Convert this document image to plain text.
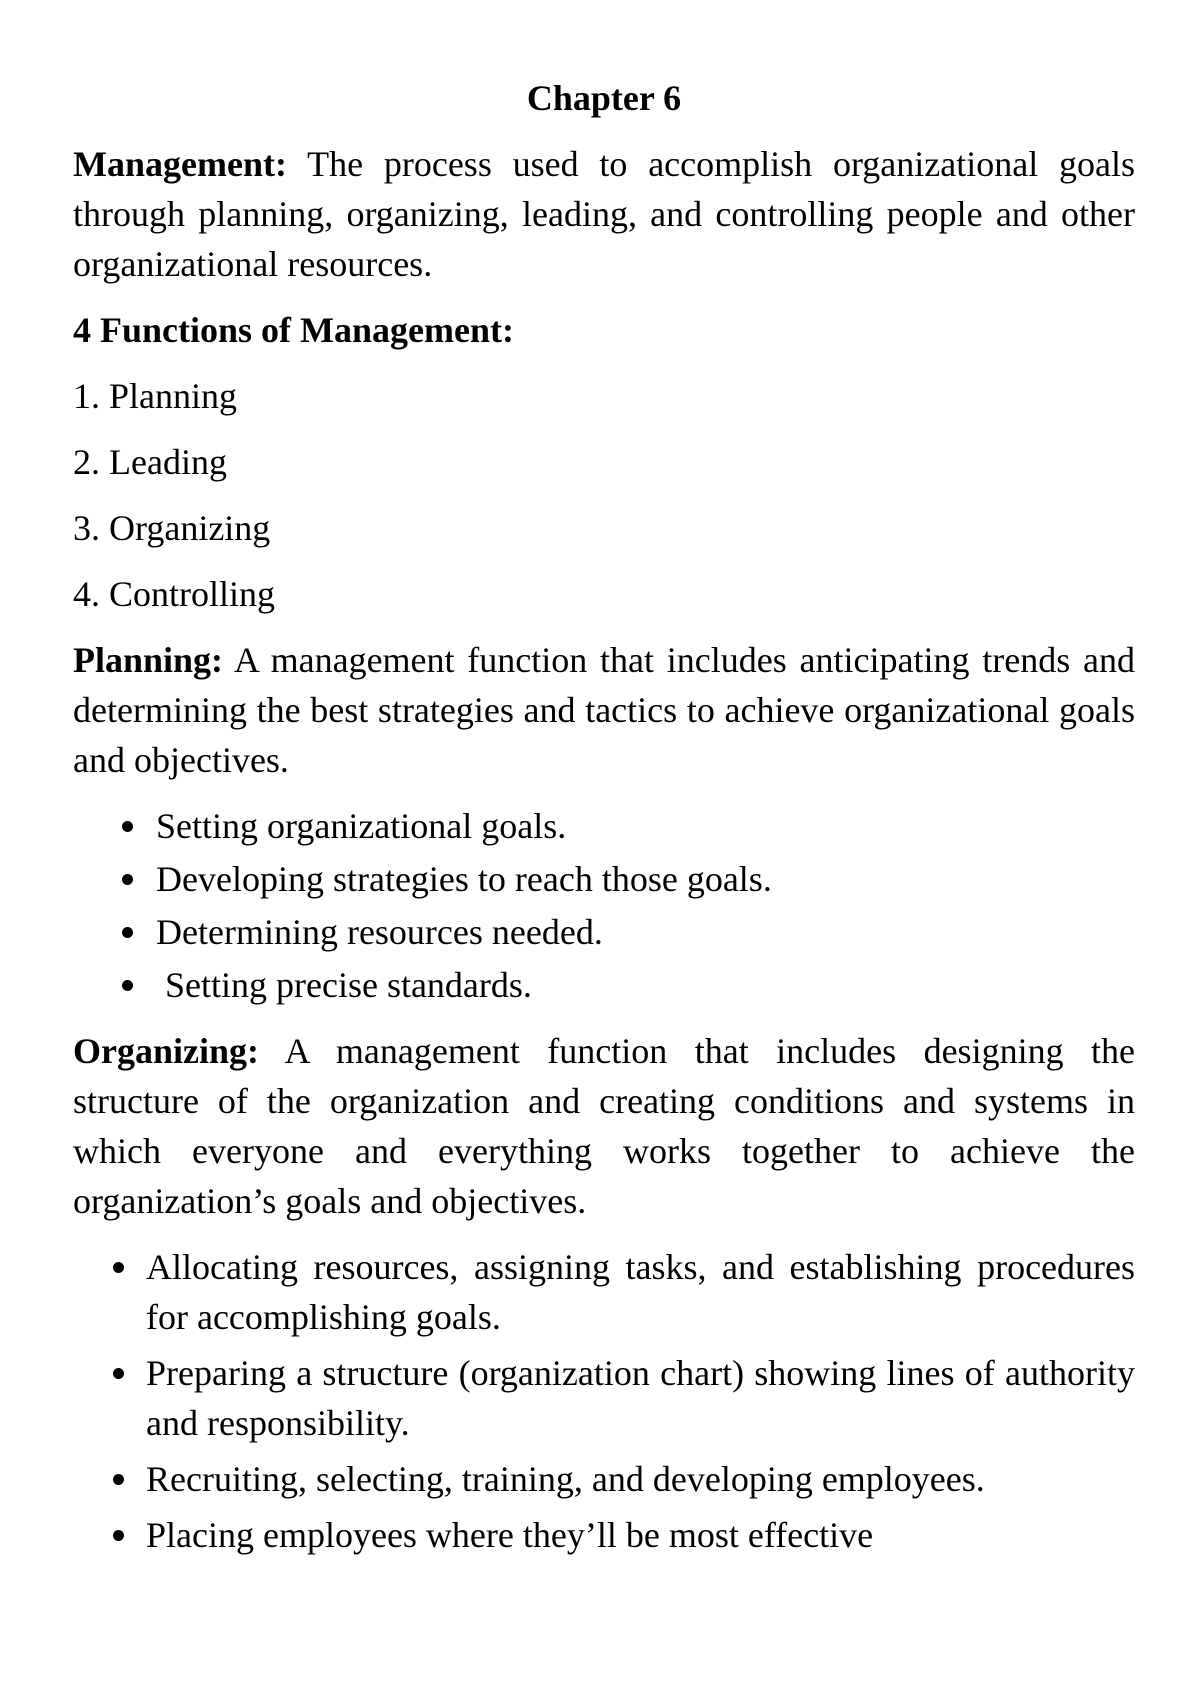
Chapter 6

Management: The process used to accomplish organizational goals through planning, organizing, leading, and controlling people and other organizational resources.

4 Functions of Management:

1. Planning

2. Leading

3. Organizing

4. Controlling

Planning: A management function that includes anticipating trends and determining the best strategies and tactics to achieve organizational goals and objectives.

Setting organizational goals.
Developing strategies to reach those goals.
Determining resources needed.
Setting precise standards.

Organizing: A management function that includes designing the structure of the organization and creating conditions and systems in which everyone and everything works together to achieve the organization’s goals and objectives.

Allocating resources, assigning tasks, and establishing procedures for accomplishing goals.
Preparing a structure (organization chart) showing lines of authority and responsibility.
Recruiting, selecting, training, and developing employees.
Placing employees where they’ll be most effective
